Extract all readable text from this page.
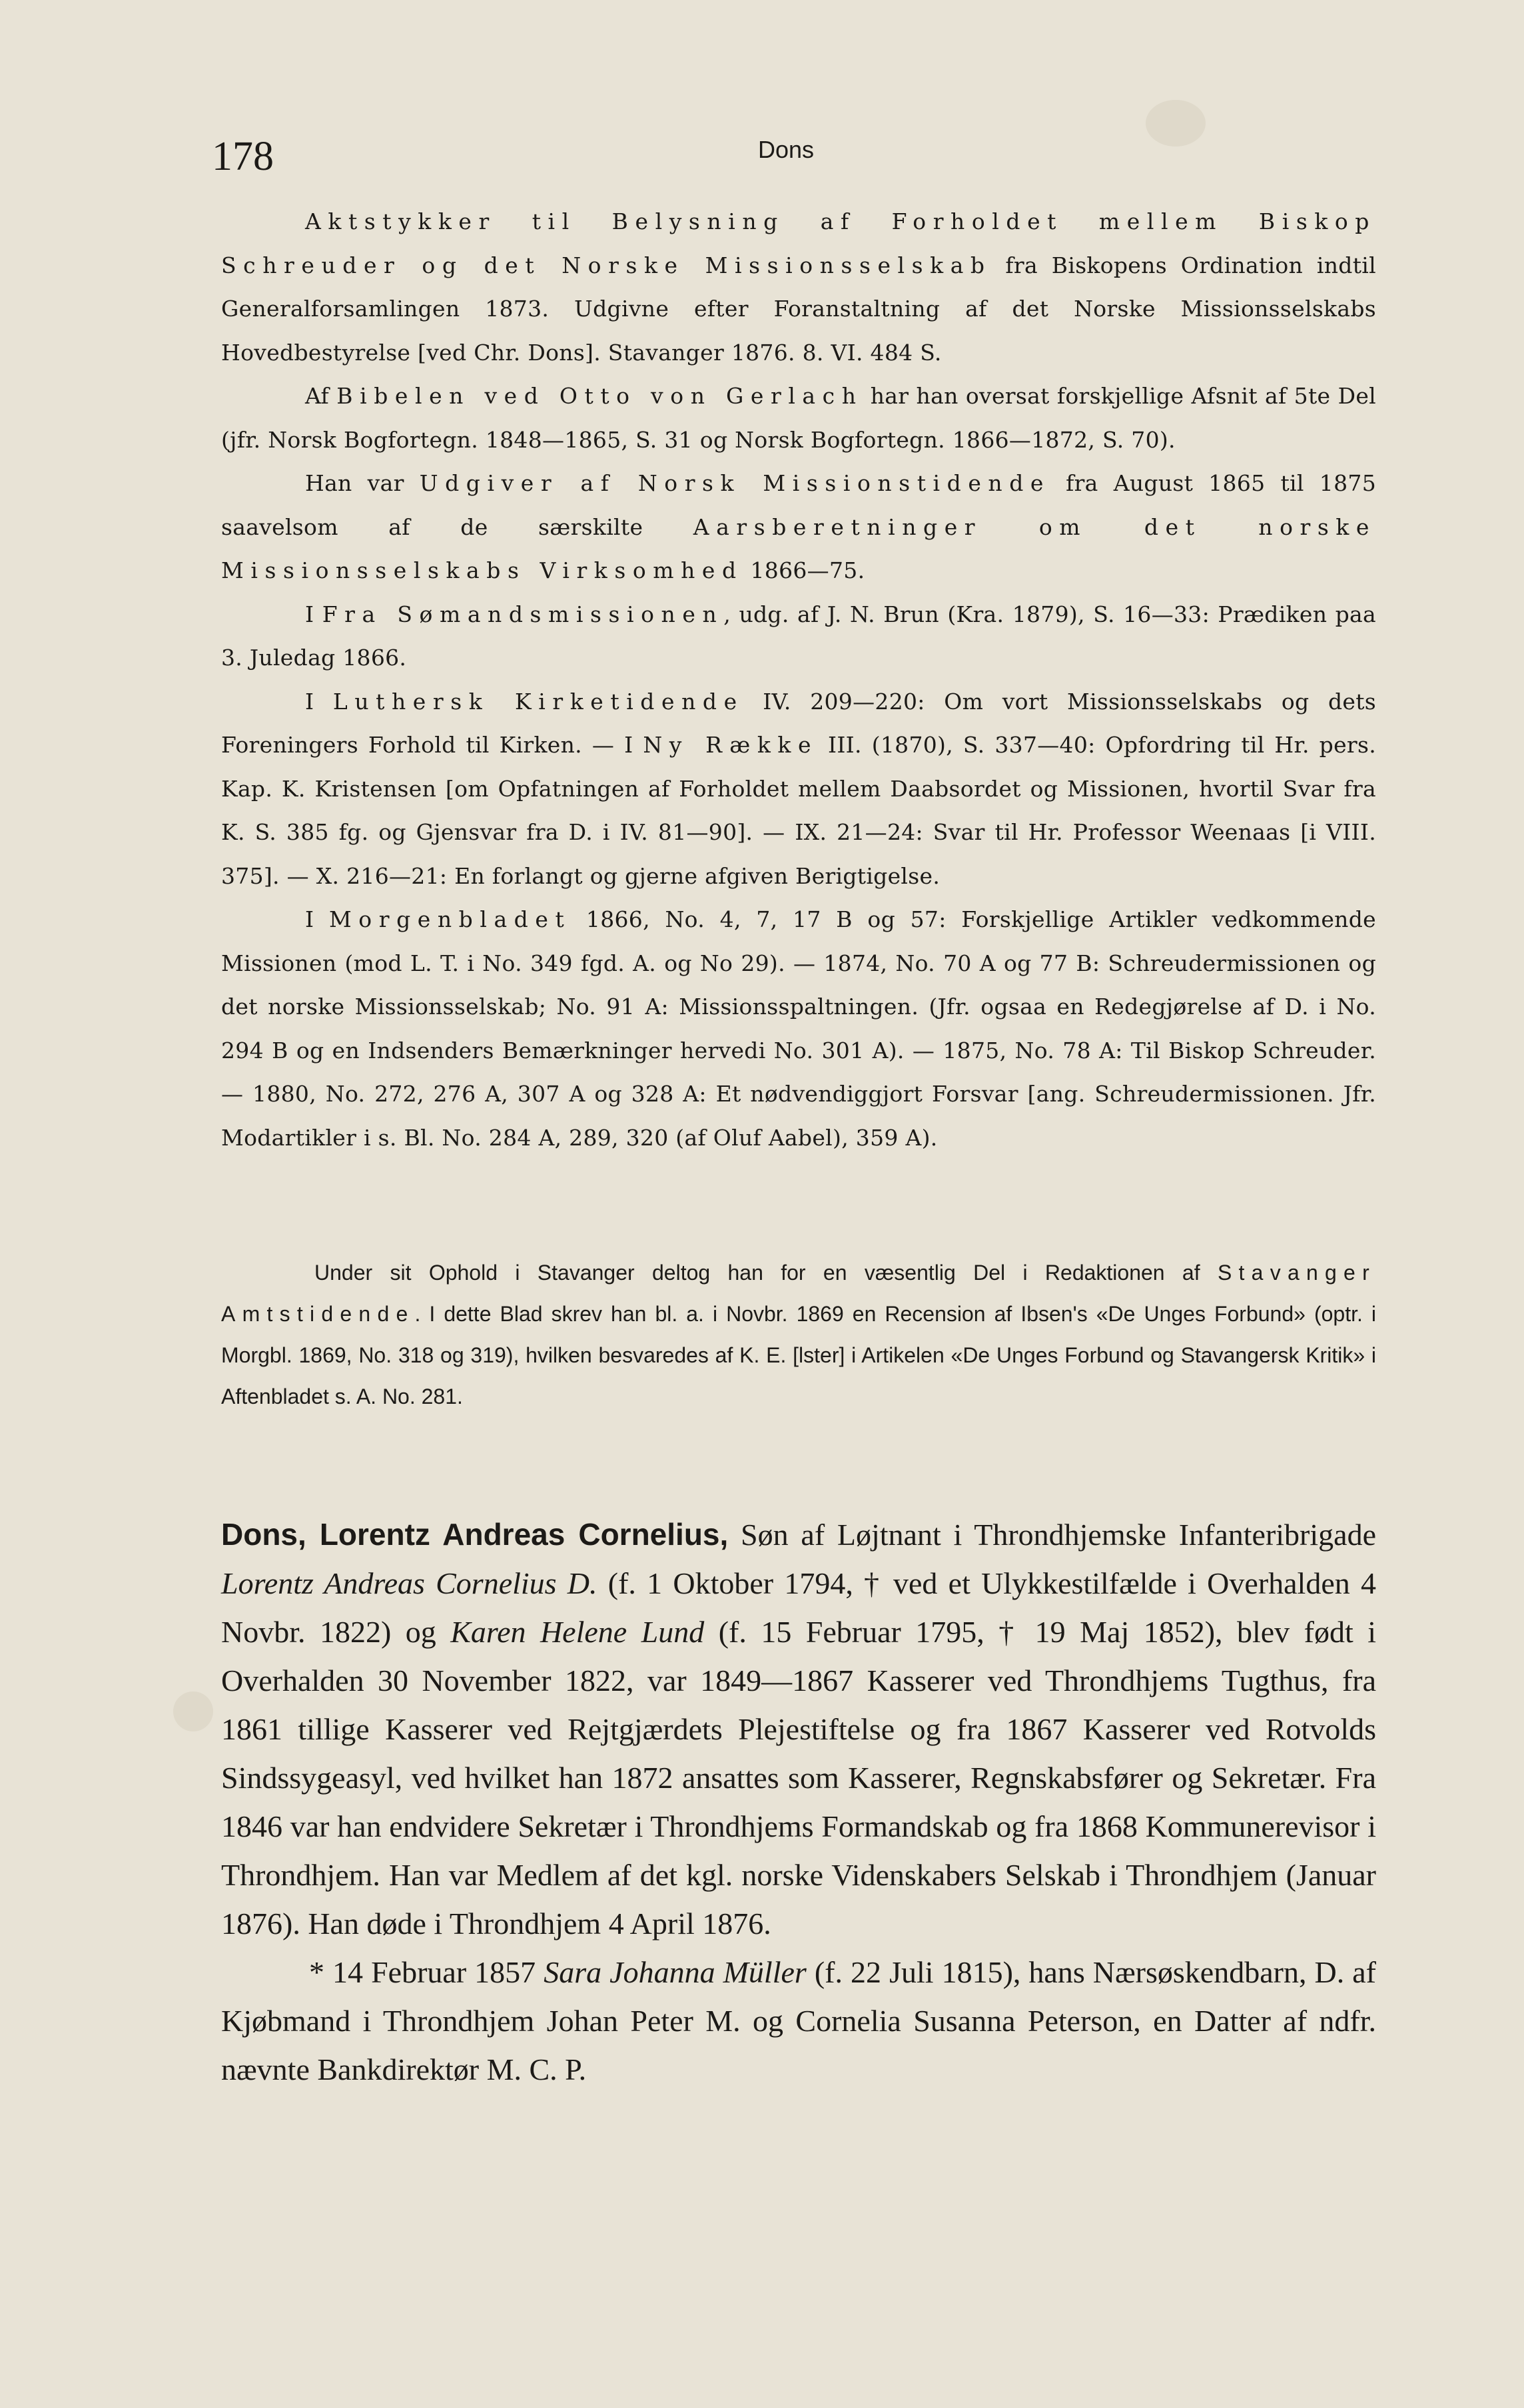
178	Dons

Aktstykker til Belysning af Forholdet mellem Biskop Schreuder og det Norske Missionsselskab fra Biskopens Ordination indtil Generalforsamlingen 1873. Udgivne efter Foranstaltning af det Norske Missionsselskabs Hovedbestyrelse [ved Chr. Dons]. Stavanger 1876. 8. VI. 484 S.

Af Bibelen ved Otto von Gerlach har han oversat forskjellige Afsnit af 5te Del (jfr. Norsk Bogfortegn. 1848—1865, S. 31 og Norsk Bogfortegn. 1866—1872, S. 70).

Han var Udgiver af Norsk Missionstidende fra August 1865 til 1875 saavelsom af de særskilte Aarsberetninger om det norske Missionsselskabs Virksomhed 1866—75.

I Fra Sømandsmissionen, udg. af J. N. Brun (Kra. 1879), S. 16—33: Prædiken paa 3. Juledag 1866.

I Luthersk Kirketidende IV. 209—220: Om vort Missionsselskabs og dets Foreningers Forhold til Kirken. — I Ny Række III. (1870), S. 337—40: Opfordring til Hr. pers. Kap. K. Kristensen [om Opfatningen af Forholdet mellem Daabsordet og Missionen, hvortil Svar fra K. S. 385 fg. og Gjensvar fra D. i IV. 81—90]. — IX. 21—24: Svar til Hr. Professor Weenaas [i VIII. 375]. — X. 216—21: En forlangt og gjerne afgiven Berigtigelse.

I Morgenbladet 1866, No. 4, 7, 17 B og 57: Forskjellige Artikler vedkommende Missionen (mod L. T. i No. 349 fgd. A. og No 29). — 1874, No. 70 A og 77 B: Schreudermissionen og det norske Missionsselskab; No. 91 A: Missionsspaltningen. (Jfr. ogsaa en Redegjørelse af D. i No. 294 B og en Indsenders Bemærkninger hervedi No. 301 A). — 1875, No. 78 A: Til Biskop Schreuder. — 1880, No. 272, 276 A, 307 A og 328 A: Et nødvendiggjort Forsvar [ang. Schreudermissionen. Jfr. Modartikler i s. Bl. No. 284 A, 289, 320 (af Oluf Aabel), 359 A).

Under sit Ophold i Stavanger deltog han for en væsentlig Del i Redaktionen af Stavanger Amtstidende. I dette Blad skrev han bl. a. i Novbr. 1869 en Recension af Ibsen's «De Unges Forbund» (optr. i Morgbl. 1869, No. 318 og 319), hvilken besvaredes af K. E. [lster] i Artikelen «De Unges Forbund og Stavangersk Kritik» i Aftenbladet s. A. No. 281.

Dons, Lorentz Andreas Cornelius, Søn af Løjtnant i Throndhjemske Infanteribrigade Lorentz Andreas Cornelius D. (f. 1 Oktober 1794, † ved et Ulykkestilfælde i Overhalden 4 Novbr. 1822) og Karen Helene Lund (f. 15 Februar 1795, † 19 Maj 1852), blev født i Overhalden 30 November 1822, var 1849—1867 Kasserer ved Throndhjems Tugthus, fra 1861 tillige Kasserer ved Rejtgjærdets Plejestiftelse og fra 1867 Kasserer ved Rotvolds Sindssygeasyl, ved hvilket han 1872 ansattes som Kasserer, Regnskabsfører og Sekretær. Fra 1846 var han endvidere Sekretær i Throndhjems Formandskab og fra 1868 Kommunerevisor i Throndhjem. Han var Medlem af det kgl. norske Videnskabers Selskab i Throndhjem (Januar 1876). Han døde i Throndhjem 4 April 1876.

* 14 Februar 1857 Sara Johanna Müller (f. 22 Juli 1815), hans Nærsøskendbarn, D. af Kjøbmand i Throndhjem Johan Peter M. og Cornelia Susanna Peterson, en Datter af ndfr. nævnte Bankdirektør M. C. P.
